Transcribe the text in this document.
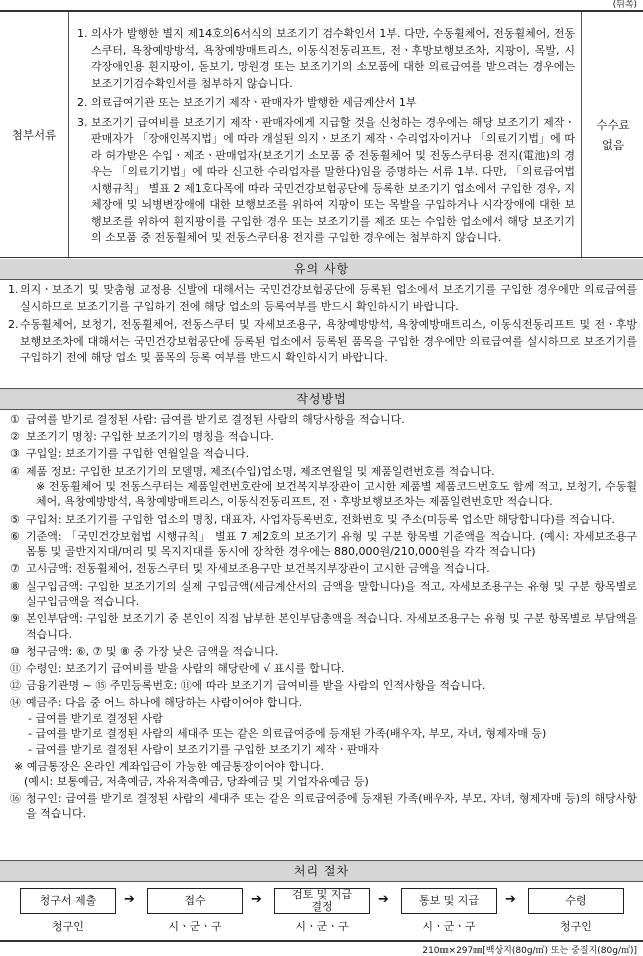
(뒤쪽)
첨부서류
1. 의사가 발행한 별지 제14호의6서식의 보조기기 검수확인서 1부. 다만, 수동휠체어, 전동휠체어, 전동스쿠터, 욕창예방방석, 욕창예방매트리스, 이동식전동리프트, 전ㆍ후방보행보조차, 지팡이, 목발, 시각장애인용 흰지팡이, 돋보기, 망원경 또는 보조기기의 소모품에 대한 의료급여를 받으려는 경우에는 보조기기검수확인서를 첨부하지 않습니다.
2. 의료급여기관 또는 보조기기 제작ㆍ판매자가 발행한 세금계산서 1부
3. 보조기기 급여비를 보조기기 제작ㆍ판매자에게 지급할 것을 신청하는 경우에는 해당 보조기기 제작ㆍ판매자가 「장애인복지법」에 따라 개설된 의지ㆍ보조기 제작ㆍ수리업자이거나 「의료기기법」에 따라 허가받은 수입ㆍ제조ㆍ판매업자(보조기기 소모품 중 전동휠체어 및 전동스쿠터용 전지(電池)의 경우는 「의료기기법」에 따라 신고한 수리업자를 말한다)임을 증명하는 서류 1부. 다만, 「의료급여법 시행규칙」 별표 2 제1호다목에 따라 국민건강보험공단에 등록한 보조기기 업소에서 구입한 경우, 지체장애 및 뇌병변장애에 대한 보행보조를 위하여 지팡이 또는 목발을 구입하거나 시각장애에 대한 보행보조를 위하여 흰지팡이를 구입한 경우 또는 보조기기를 제조 또는 수입한 업소에서 해당 보조기기의 소모품 중 전동휠체어 및 전동스쿠터용 전지를 구입한 경우에는 첨부하지 않습니다.
수수료
없음
유의 사항
1. 의지ㆍ보조기 및 맞춤형 교정용 신발에 대해서는 국민건강보험공단에 등록된 업소에서 보조기기를 구입한 경우에만 의료급여를 실시하므로 보조기기를 구입하기 전에 해당 업소의 등록여부를 반드시 확인하시기 바랍니다.
2. 수동휠체어, 보청기, 전동휠체어, 전동스쿠터 및 자세보조용구, 욕창예방방석, 욕창예방매트리스, 이동식전동리프트 및 전ㆍ후방보행보조차에 대해서는 국민건강보험공단에 등록된 업소에서 등록된 품목을 구입한 경우에만 의료급여를 실시하므로 보조기기를 구입하기 전에 해당 업소 및 품목의 등록 여부를 반드시 확인하시기 바랍니다.
작성방법
① 급여를 받기로 결정된 사람: 급여를 받기로 결정된 사람의 해당사항을 적습니다.
② 보조기기 명칭: 구입한 보조기기의 명칭을 적습니다.
③ 구입일: 보조기기를 구입한 연월일을 적습니다.
④ 제품 정보: 구입한 보조기기의 모델명, 제조(수입)업소명, 제조연월일 및 제품일련번호를 적습니다.
※ 전동휠체어 및 전동스쿠터는 제품일련번호란에 보건복지부장관이 고시한 제품별 제품코드번호도 함께 적고, 보청기, 수동휠체어, 욕창예방방석, 욕창예방매트리스, 이동식전동리프트, 전ㆍ후방보행보조차는 제품일련번호만 적습니다.
⑤ 구입처: 보조기기를 구입한 업소의 명칭, 대표자, 사업자등록번호, 전화번호 및 주소(미등록 업소만 해당합니다)를 적습니다.
⑥ 기준액: 「국민건강보험법 시행규칙」 별표 7 제2호의 보조기기 유형 및 구분 항목별 기준액을 적습니다. (예시: 자세보조용구 몸통 및 골반지지대/머리 및 목지지대를 동시에 장착한 경우에는 880,000원/210,000원을 각각 적습니다)
⑦ 고시금액: 전동휠체어, 전동스쿠터 및 자세보조용구만 보건복지부장관이 고시한 금액을 적습니다.
⑧ 실구입금액: 구입한 보조기기의 실제 구입금액(세금계산서의 금액을 말합니다)을 적고, 자세보조용구는 유형 및 구분 항목별로 실구입금액을 적습니다.
⑨ 본인부담액: 구입한 보조기기 중 본인이 직접 납부한 본인부담총액을 적습니다. 자세보조용구는 유형 및 구분 항목별로 부담액을 적습니다.
⑩ 청구금액: ⑥, ⑦ 및 ⑧ 중 가장 낮은 금액을 적습니다.
⑪ 수령인: 보조기기 급여비를 받을 사람의 해당란에 √ 표시를 합니다.
⑫ 금융기관명 ~ ⑮ 주민등록번호: ⑪에 따라 보조기기 급여비를 받을 사람의 인적사항을 적습니다.
⑭ 예금주: 다음 중 어느 하나에 해당하는 사람이어야 합니다.
- 급여를 받기로 결정된 사람
- 급여를 받기로 결정된 사람의 세대주 또는 같은 의료급여증에 등재된 가족(배우자, 부모, 자녀, 형제자매 등)
- 급여를 받기로 결정된 사람이 보조기기를 구입한 보조기기 제작ㆍ판매자
※ 예금통장은 온라인 계좌입금이 가능한 예금통장이어야 합니다.
(예시: 보통예금, 저축예금, 자유저축예금, 당좌예금 및 기업자유예금 등)
⑯ 청구인: 급여를 받기로 결정된 사람의 세대주 또는 같은 의료급여증에 등재된 가족(배우자, 부모, 자녀, 형제자매 등)의 해당사항을 적습니다.
처리 절차
청구서 제출
청구인
➔	접수
시ㆍ군ㆍ구
➔	검토 및 지급결정
시ㆍ군ㆍ구
➔	통보 및 지급
시ㆍ군ㆍ구
➔	수령
청구인
210㎜×297㎜[백상지(80g/㎡) 또는 중질지(80g/㎡)]
